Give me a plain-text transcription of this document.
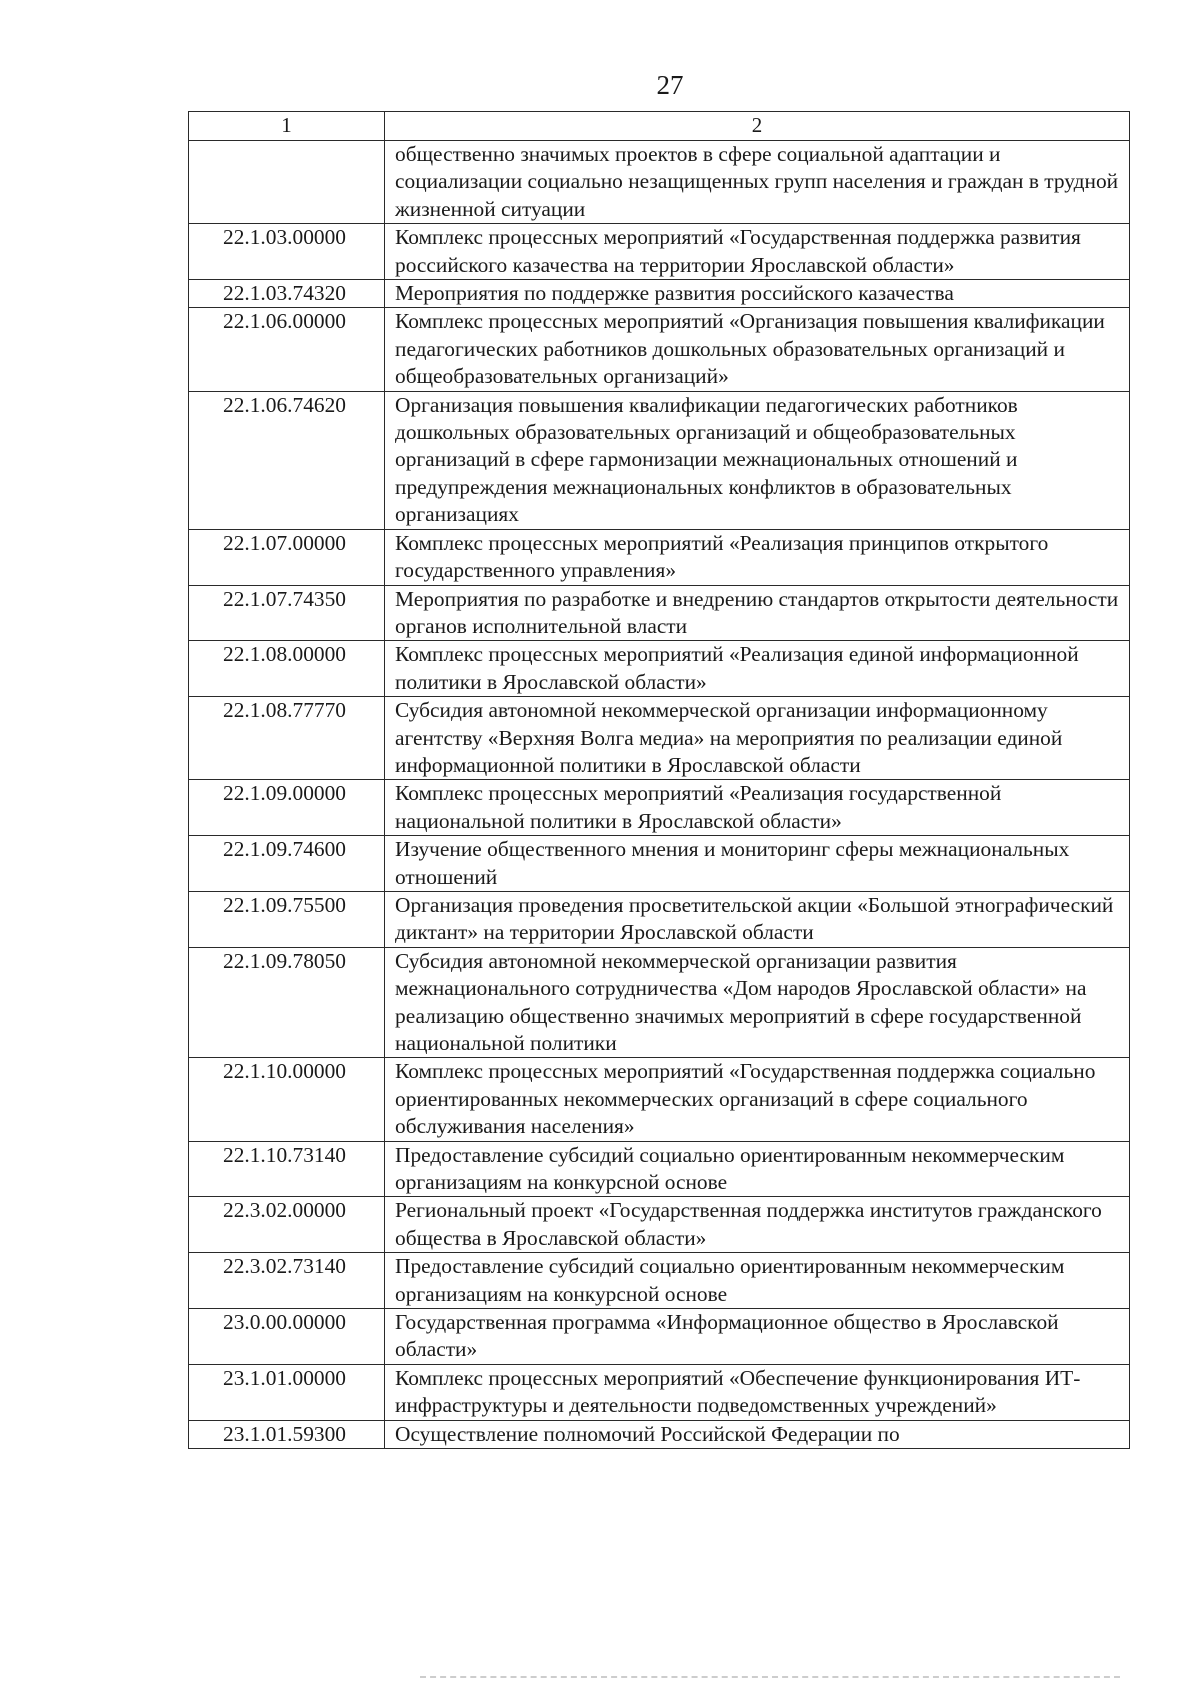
27
1	2
	общественно значимых проектов в сфере социальной адаптации и социализации социально незащищенных групп населения и граждан в трудной жизненной ситуации
22.1.03.00000	Комплекс процессных мероприятий «Государственная поддержка развития российского казачества на территории Ярославской области»
22.1.03.74320	Мероприятия по поддержке развития российского казачества
22.1.06.00000	Комплекс процессных мероприятий «Организация повышения квалификации педагогических работников дошкольных образовательных организаций и общеобразовательных организаций»
22.1.06.74620	Организация повышения квалификации педагогических работников дошкольных образовательных организаций и общеобразовательных организаций в сфере гармонизации межнациональных отношений и предупреждения межнациональных конфликтов в образовательных организациях
22.1.07.00000	Комплекс процессных мероприятий «Реализация принципов открытого государственного управления»
22.1.07.74350	Мероприятия по разработке и внедрению стандартов открытости деятельности органов исполнительной власти
22.1.08.00000	Комплекс процессных мероприятий «Реализация единой информационной политики в Ярославской области»
22.1.08.77770	Субсидия автономной некоммерческой организации информационному агентству «Верхняя Волга медиа» на мероприятия по реализации единой информационной политики в Ярославской области
22.1.09.00000	Комплекс процессных мероприятий «Реализация государственной национальной политики в Ярославской области»
22.1.09.74600	Изучение общественного мнения и мониторинг сферы межнациональных отношений
22.1.09.75500	Организация проведения просветительской акции «Большой этнографический диктант» на территории Ярославской области
22.1.09.78050	Субсидия автономной некоммерческой организации развития межнационального сотрудничества «Дом народов Ярославской области» на реализацию общественно значимых мероприятий в сфере государственной национальной политики
22.1.10.00000	Комплекс процессных мероприятий «Государственная поддержка социально ориентированных некоммерческих организаций в сфере социального обслуживания населения»
22.1.10.73140	Предоставление субсидий социально ориентированным некоммерческим организациям на конкурсной основе
22.3.02.00000	Региональный проект «Государственная поддержка институтов гражданского общества в Ярославской области»
22.3.02.73140	Предоставление субсидий социально ориентированным некоммерческим организациям на конкурсной основе
23.0.00.00000	Государственная программа «Информационное общество в Ярославской области»
23.1.01.00000	Комплекс процессных мероприятий «Обеспечение функционирования ИТ-инфраструктуры и деятельности подведомственных учреждений»
23.1.01.59300	Осуществление полномочий Российской Федерации по
